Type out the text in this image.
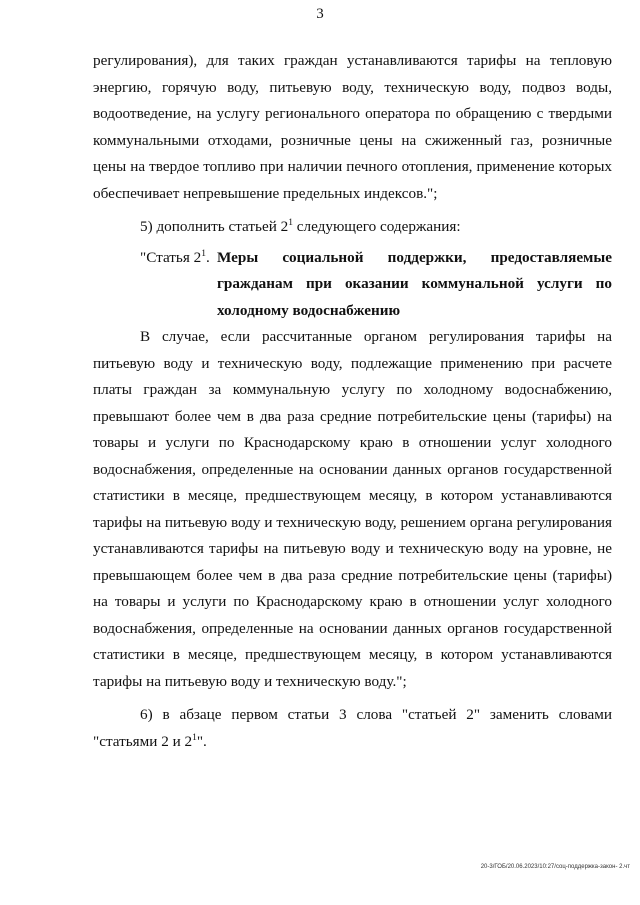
3

регулирования), для таких граждан устанавливаются тарифы на тепловую энергию, горячую воду, питьевую воду, техническую воду, подвоз воды, водоотведение, на услугу регионального оператора по обращению с твердыми коммунальными отходами, розничные цены на сжиженный газ, розничные цены на твердое топливо при наличии печного отопления, применение которых обеспечивает непревышение предельных индексов.";

5) дополнить статьей $2^1$ следующего содержания:

"Статья $2^1$. Меры социальной поддержки, предоставляемые гражданам при оказании коммунальной услуги по холодному водоснабжению

В случае, если рассчитанные органом регулирования тарифы на питьевую воду и техническую воду, подлежащие применению при расчете платы граждан за коммунальную услугу по холодному водоснабжению, превышают более чем в два раза средние потребительские цены (тарифы) на товары и услуги по Краснодарскому краю в отношении услуг холодного водоснабжения, определенные на основании данных органов государственной статистики в месяце, предшествующем месяцу, в котором устанавливаются тарифы на питьевую воду и техническую воду, решением органа регулирования устанавливаются тарифы на питьевую воду и техническую воду на уровне, не превышающем более чем в два раза средние потребительские цены (тарифы) на товары и услуги по Краснодарскому краю в отношении услуг холодного водоснабжения, определенные на основании данных органов государственной статистики в месяце, предшествующем месяцу, в котором устанавливаются тарифы на питьевую воду и техническую воду.";

6) в абзаце первом статьи 3 слова "статьей 2" заменить словами "статьями 2 и $2^1$".

20-3/ГОБ/20.06.2023/10:27/соц-поддержка-закон- 2.чт
